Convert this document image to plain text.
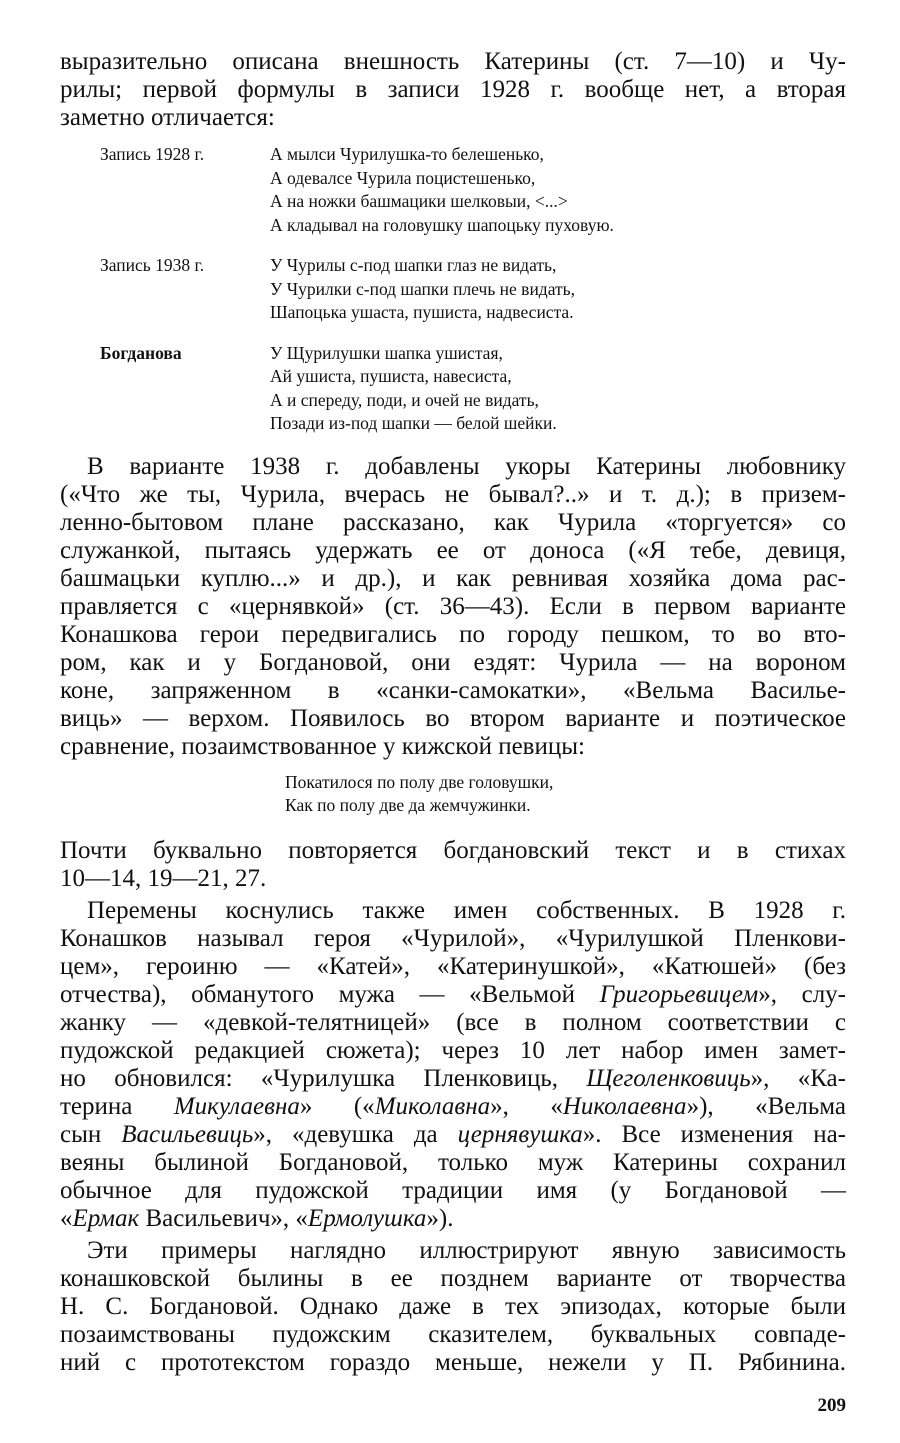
выразительно описана внешность Катерины (ст. 7—10) и Чу-
рилы; первой формулы в записи 1928 г. вообще нет, а вторая
заметно отличается:
Запись 1928 г.	А мылси Чурилушка-то белешенько,
А одевалсе Чурила поцистешенько,
А на ножки башмацики шелковыи, <...>
А кладывал на головушку шапоцьку пуховую.
Запись 1938 г.	У Чурилы с-под шапки глаз не видать,
У Чурилки с-под шапки плечь не видать,
Шапоцька ушаста, пушиста, надвесиста.
Богданова	У Щурилушки шапка ушистая,
Ай ушиста, пушиста, навесиста,
А и спереду, поди, и очей не видать,
Позади из-под шапки — белой шейки.
В варианте 1938 г. добавлены укоры Катерины любовнику
(«Что же ты, Чурила, вчерась не бывал?..» и т. д.); в призем-
ленно-бытовом плане рассказано, как Чурила «торгуется» со
служанкой, пытаясь удержать ее от доноса («Я тебе, девиця,
башмацьки куплю...» и др.), и как ревнивая хозяйка дома рас-
правляется с «цернявкой» (ст. 36—43). Если в первом варианте
Конашкова герои передвигались по городу пешком, то во вто-
ром, как и у Богдановой, они ездят: Чурила — на вороном
коне, запряженном в «санки-самокатки», «Вельма Василье-
виць» — верхом. Появилось во втором варианте и поэтическое
сравнение, позаимствованное у кижской певицы:
Покатилося по полу две головушки,
Как по полу две да жемчужинки.
Почти буквально повторяется богдановский текст и в стихах
10—14, 19—21, 27.
Перемены коснулись также имен собственных. В 1928 г.
Конашков называл героя «Чурилой», «Чурилушкой Пленкови-
цем», героиню — «Катей», «Катеринушкой», «Катюшей» (без
отчества), обманутого мужа — «Вельмой Григорьевицем», слу-
жанку — «девкой-телятницей» (все в полном соответствии с
пудожской редакцией сюжета); через 10 лет набор имен замет-
но обновился: «Чурилушка Пленковиць, Щеголенковиць», «Ка-
терина Микулаевна» («Миколавна», «Николаевна»), «Вельма
сын Васильевиць», «девушка да цернявушка». Все изменения на-
веяны былиной Богдановой, только муж Катерины сохранил
обычное для пудожской традиции имя (у Богдановой —
«Ермак Васильевич», «Ермолушка»).
Эти примеры наглядно иллюстрируют явную зависимость
конашковской былины в ее позднем варианте от творчества
Н. С. Богдановой. Однако даже в тех эпизодах, которые были
позаимствованы пудожским сказителем, буквальных совпаде-
ний с прототекстом гораздо меньше, нежели у П. Рябинина.
209
